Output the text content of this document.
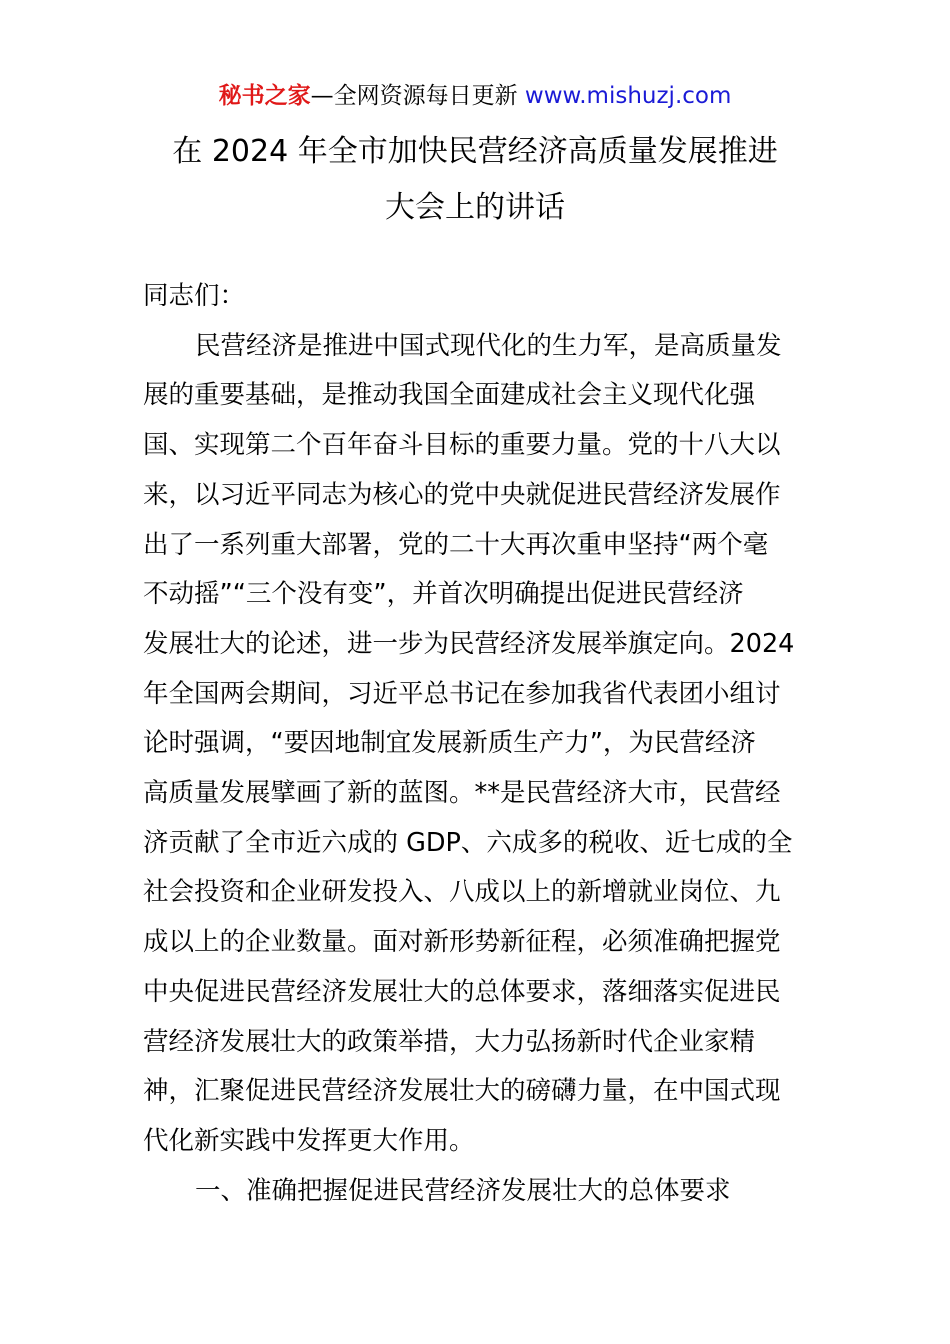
秘书之家—全网资源每日更新 www.mishuzj.com
在 2024 年全市加快民营经济高质量发展推进
大会上的讲话

同志们：

民营经济是推进中国式现代化的生力军，是高质量发
展的重要基础，是推动我国全面建成社会主义现代化强
国、实现第二个百年奋斗目标的重要力量。党的十八大以
来，以习近平同志为核心的党中央就促进民营经济发展作
出了一系列重大部署，党的二十大再次重申坚持“两个毫
不动摇”“三个没有变”，并首次明确提出促进民营经济
发展壮大的论述，进一步为民营经济发展举旗定向。2024
年全国两会期间，习近平总书记在参加我省代表团小组讨
论时强调，“要因地制宜发展新质生产力”，为民营经济
高质量发展擘画了新的蓝图。**是民营经济大市，民营经
济贡献了全市近六成的 GDP、六成多的税收、近七成的全
社会投资和企业研发投入、八成以上的新增就业岗位、九
成以上的企业数量。面对新形势新征程，必须准确把握党
中央促进民营经济发展壮大的总体要求，落细落实促进民
营经济发展壮大的政策举措，大力弘扬新时代企业家精
神，汇聚促进民营经济发展壮大的磅礴力量，在中国式现
代化新实践中发挥更大作用。

一、准确把握促进民营经济发展壮大的总体要求
